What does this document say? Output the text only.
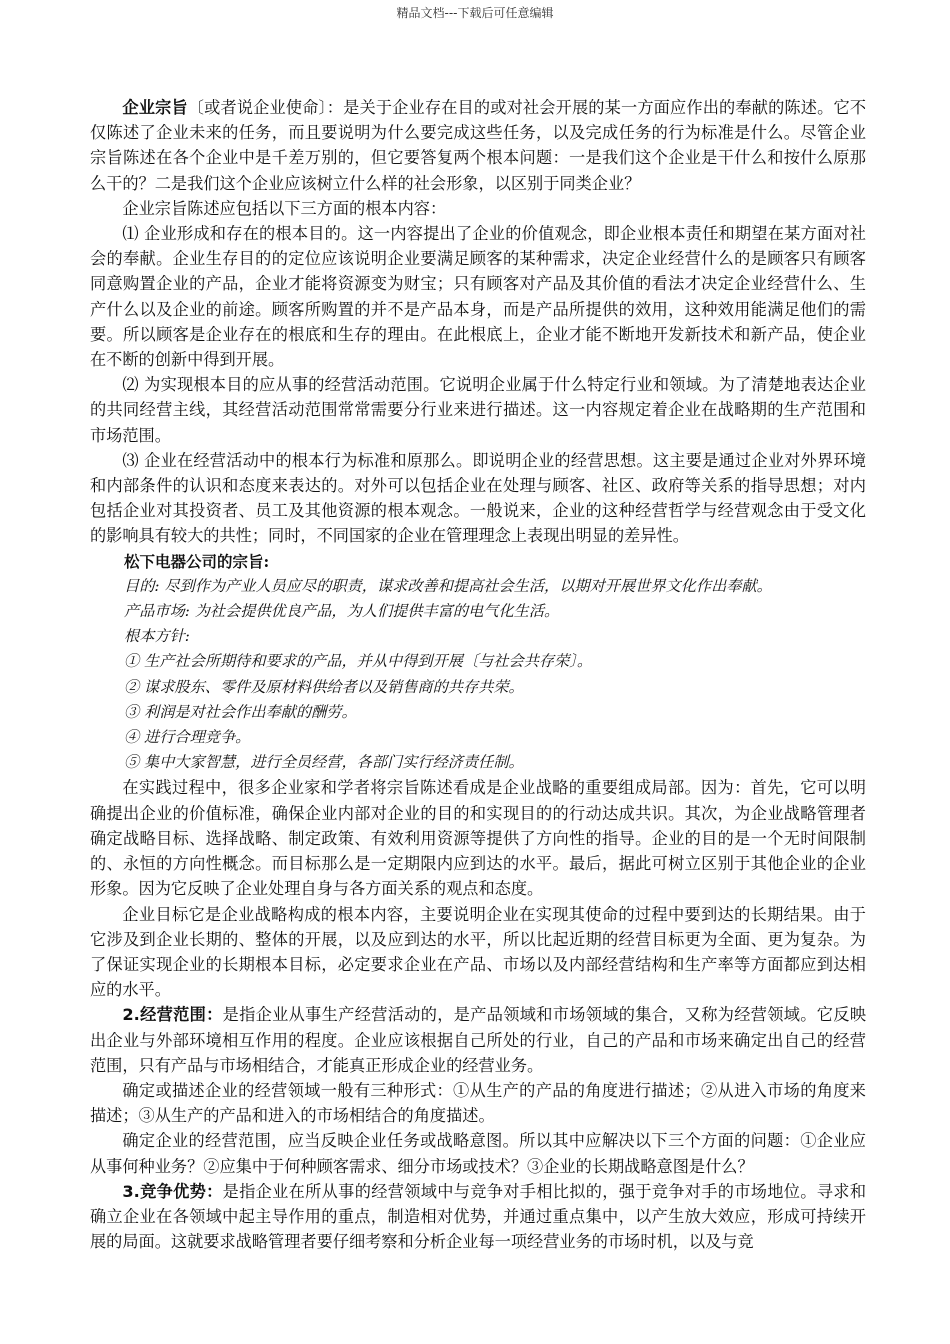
精品文档---下载后可任意编辑

企业宗旨〔或者说企业使命〕：是关于企业存在目的或对社会开展的某一方面应作出的奉献的陈述。它不仅陈述了企业未来的任务，而且要说明为什么要完成这些任务，以及完成任务的行为标准是什么。尽管企业宗旨陈述在各个企业中是千差万别的，但它要答复两个根本问题：一是我们这个企业是干什么和按什么原那么干的？二是我们这个企业应该树立什么样的社会形象，以区别于同类企业？

企业宗旨陈述应包括以下三方面的根本内容：

⑴ 企业形成和存在的根本目的。这一内容提出了企业的价值观念，即企业根本责任和期望在某方面对社会的奉献。企业生存目的的定位应该说明企业要满足顾客的某种需求，决定企业经营什么的是顾客只有顾客同意购置企业的产品，企业才能将资源变为财宝；只有顾客对产品及其价值的看法才决定企业经营什么、生产什么以及企业的前途。顾客所购置的并不是产品本身，而是产品所提供的效用，这种效用能满足他们的需要。所以顾客是企业存在的根底和生存的理由。在此根底上，企业才能不断地开发新技术和新产品，使企业在不断的创新中得到开展。

⑵ 为实现根本目的应从事的经营活动范围。它说明企业属于什么特定行业和领域。为了清楚地表达企业的共同经营主线，其经营活动范围常常需要分行业来进行描述。这一内容规定着企业在战略期的生产范围和市场范围。

⑶ 企业在经营活动中的根本行为标准和原那么。即说明企业的经营思想。这主要是通过企业对外界环境和内部条件的认识和态度来表达的。对外可以包括企业在处理与顾客、社区、政府等关系的指导思想；对内包括企业对其投资者、员工及其他资源的根本观念。一般说来，企业的这种经营哲学与经营观念由于受文化的影响具有较大的共性；同时，不同国家的企业在管理理念上表现出明显的差异性。

松下电器公司的宗旨:

目的: 尽到作为产业人员应尽的职责，谋求改善和提高社会生活，以期对开展世界文化作出奉献。

产品市场: 为社会提供优良产品，为人们提供丰富的电气化生活。

根本方针:

① 生产社会所期待和要求的产品，并从中得到开展〔与社会共存荣〕。

② 谋求股东、零件及原材料供给者以及销售商的共存共荣。

③ 利润是对社会作出奉献的酬劳。

④ 进行合理竞争。

⑤ 集中大家智慧，进行全员经营，各部门实行经济责任制。

在实践过程中，很多企业家和学者将宗旨陈述看成是企业战略的重要组成局部。因为：首先，它可以明确提出企业的价值标准，确保企业内部对企业的目的和实现目的的行动达成共识。其次，为企业战略管理者确定战略目标、选择战略、制定政策、有效利用资源等提供了方向性的指导。企业的目的是一个无时间限制的、永恒的方向性概念。而目标那么是一定期限内应到达的水平。最后，据此可树立区别于其他企业的企业形象。因为它反映了企业处理自身与各方面关系的观点和态度。

企业目标它是企业战略构成的根本内容，主要说明企业在实现其使命的过程中要到达的长期结果。由于它涉及到企业长期的、整体的开展，以及应到达的水平，所以比起近期的经营目标更为全面、更为复杂。为了保证实现企业的长期根本目标，必定要求企业在产品、市场以及内部经营结构和生产率等方面都应到达相应的水平。

2.经营范围：是指企业从事生产经营活动的，是产品领域和市场领域的集合，又称为经营领域。它反映出企业与外部环境相互作用的程度。企业应该根据自己所处的行业，自己的产品和市场来确定出自己的经营范围，只有产品与市场相结合，才能真正形成企业的经营业务。

确定或描述企业的经营领域一般有三种形式：①从生产的产品的角度进行描述；②从进入市场的角度来描述；③从生产的产品和进入的市场相结合的角度描述。

确定企业的经营范围，应当反映企业任务或战略意图。所以其中应解决以下三个方面的问题：①企业应从事何种业务？②应集中于何种顾客需求、细分市场或技术？③企业的长期战略意图是什么？

3.竞争优势：是指企业在所从事的经营领域中与竞争对手相比拟的，强于竞争对手的市场地位。寻求和确立企业在各领域中起主导作用的重点，制造相对优势，并通过重点集中，以产生放大效应，形成可持续开展的局面。这就要求战略管理者要仔细考察和分析企业每一项经营业务的市场时机，以及与竞
